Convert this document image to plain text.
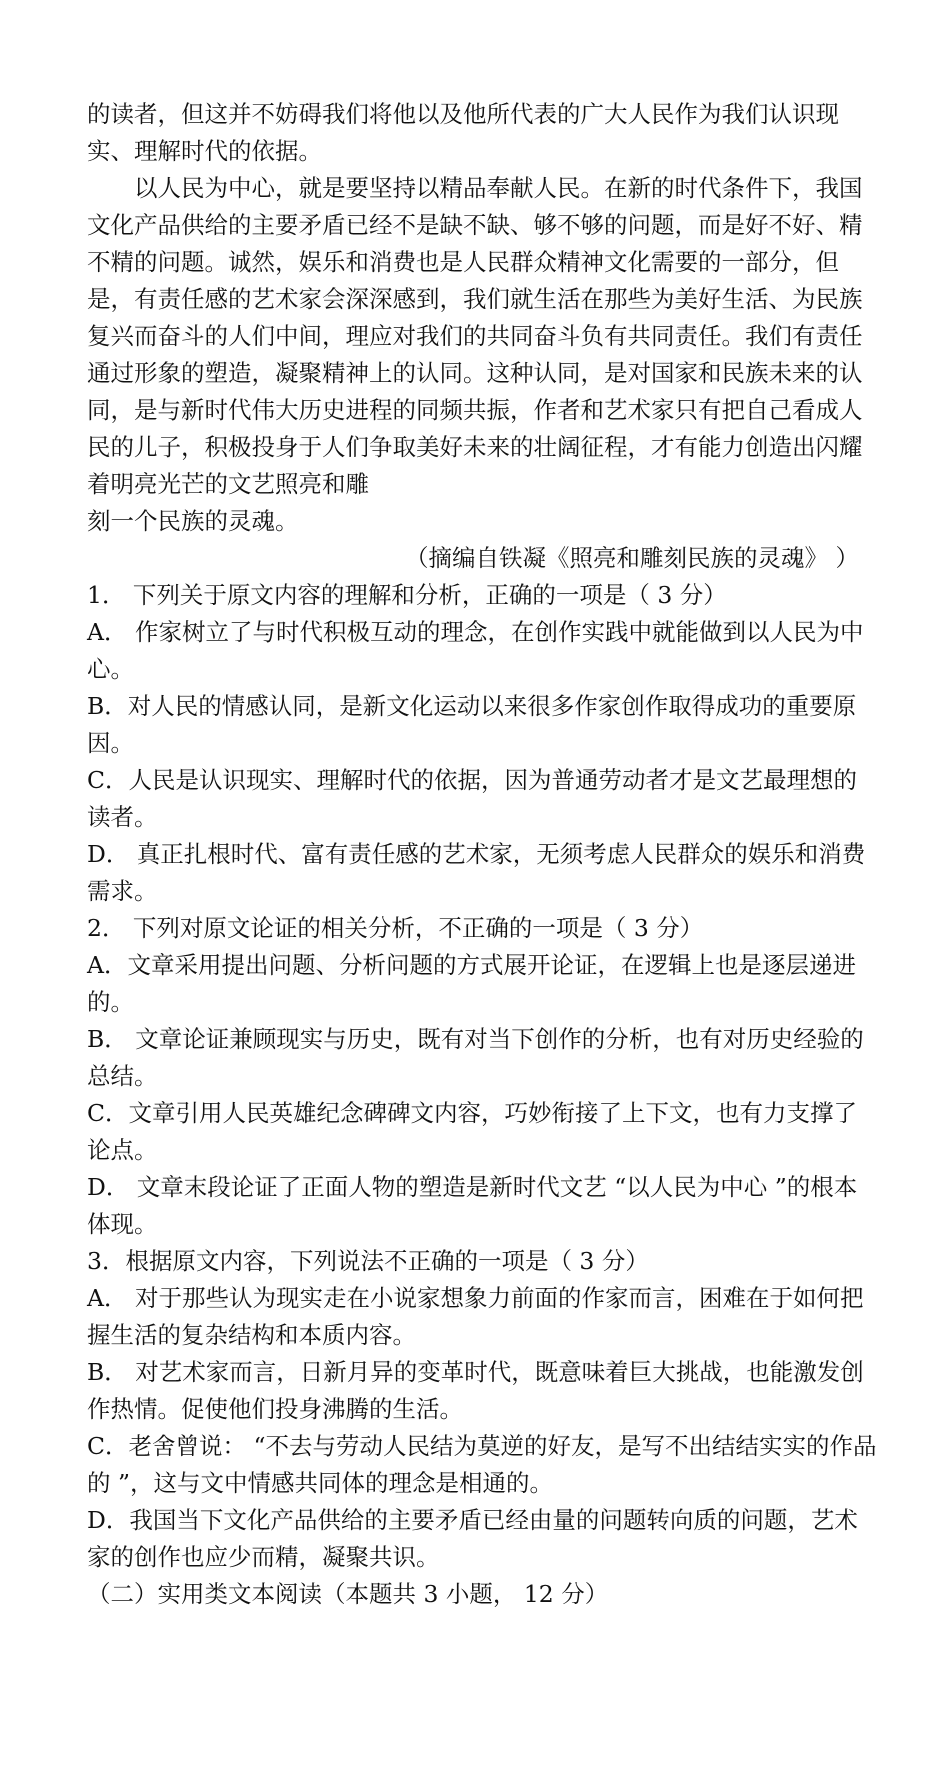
的读者，但这并不妨碍我们将他以及他所代表的广大人民作为我们认识现实、理解时代的依据。

以人民为中心，就是要坚持以精品奉献人民。在新的时代条件下，我国文化产品供给的主要矛盾已经不是缺不缺、够不够的问题，而是好不好、精不精的问题。诚然，娱乐和消费也是人民群众精神文化需要的一部分，但是，有责任感的艺术家会深深感到，我们就生活在那些为美好生活、为民族复兴而奋斗的人们中间，理应对我们的共同奋斗负有共同责任。我们有责任通过形象的塑造，凝聚精神上的认同。这种认同，是对国家和民族未来的认同，是与新时代伟大历史进程的同频共振，作者和艺术家只有把自己看成人民的儿子，积极投身于人们争取美好未来的壮阔征程，才有能力创造出闪耀着明亮光芒的文艺照亮和雕

刻一个民族的灵魂。

（摘编自铁凝《照亮和雕刻民族的灵魂》 ）

1． 下列关于原文内容的理解和分析，正确的一项是（ 3 分）

A． 作家树立了与时代积极互动的理念，在创作实践中就能做到以人民为中心。

B．对人民的情感认同，是新文化运动以来很多作家创作取得成功的重要原因。

C．人民是认识现实、理解时代的依据，因为普通劳动者才是文艺最理想的读者。

D． 真正扎根时代、富有责任感的艺术家，无须考虑人民群众的娱乐和消费需求。

2． 下列对原文论证的相关分析，不正确的一项是（ 3 分）

A．文章采用提出问题、分析问题的方式展开论证，在逻辑上也是逐层递进的。

B． 文章论证兼顾现实与历史，既有对当下创作的分析，也有对历史经验的总结。

C．文章引用人民英雄纪念碑碑文内容，巧妙衔接了上下文，也有力支撑了论点。

D． 文章末段论证了正面人物的塑造是新时代文艺 “以人民为中心 ”的根本体现。

3．根据原文内容，下列说法不正确的一项是（ 3 分）

A． 对于那些认为现实走在小说家想象力前面的作家而言，困难在于如何把握生活的复杂结构和本质内容。

B． 对艺术家而言，日新月异的变革时代，既意味着巨大挑战，也能激发创作热情。促使他们投身沸腾的生活。

C．老舍曾说： “不去与劳动人民结为莫逆的好友，是写不出结结实实的作品的 ”，这与文中情感共同体的理念是相通的。

D．我国当下文化产品供给的主要矛盾已经由量的问题转向质的问题，艺术家的创作也应少而精，凝聚共识。

（二）实用类文本阅读（本题共 3 小题， 12 分）
